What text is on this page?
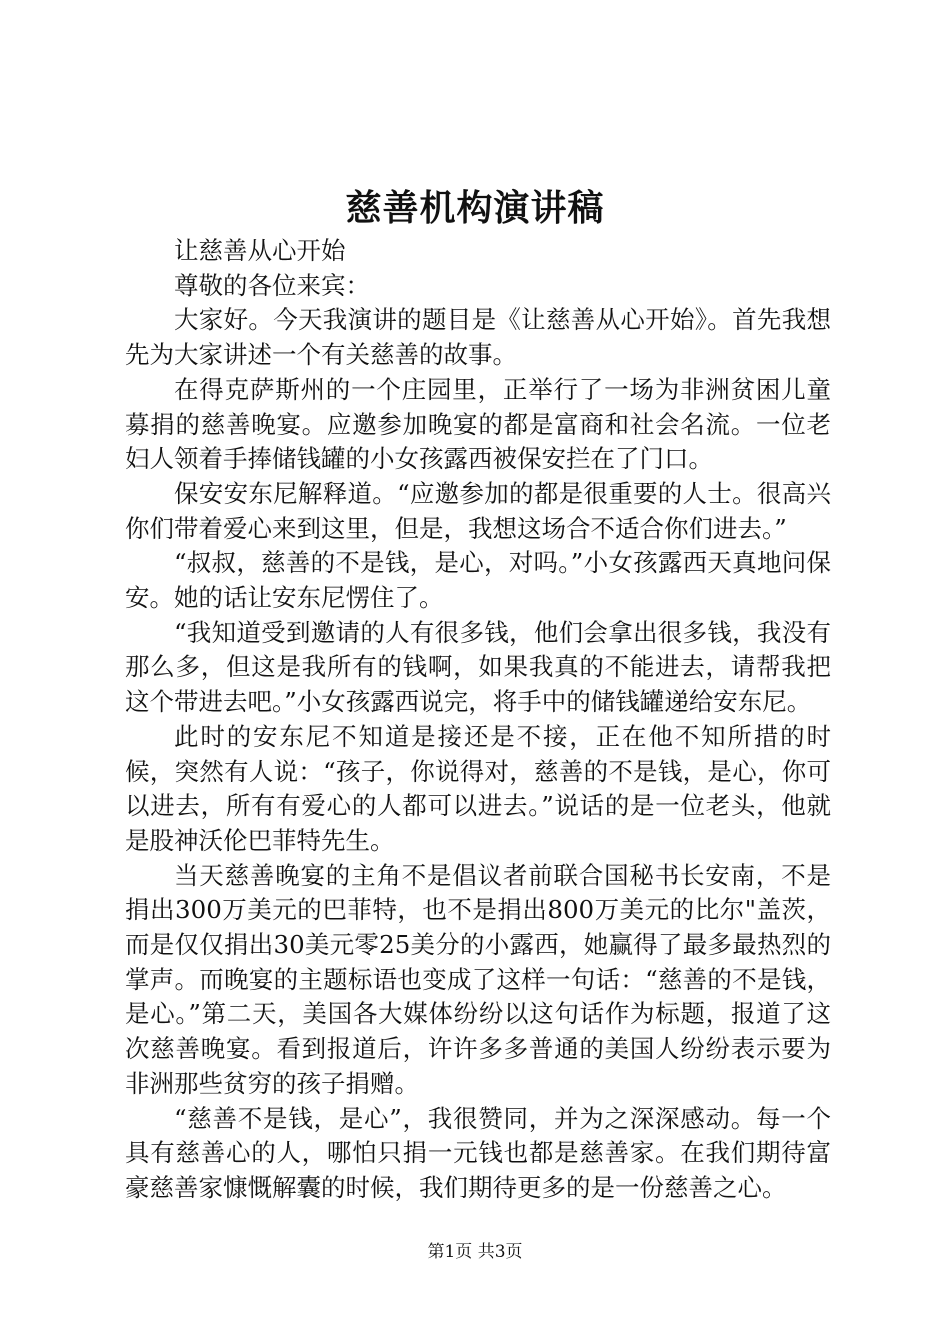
慈善机构演讲稿

让慈善从心开始

尊敬的各位来宾：

大家好。今天我演讲的题目是《让慈善从心开始》。首先我想先为大家讲述一个有关慈善的故事。

在得克萨斯州的一个庄园里，正举行了一场为非洲贫困儿童募捐的慈善晚宴。应邀参加晚宴的都是富商和社会名流。一位老妇人领着手捧储钱罐的小女孩露西被保安拦在了门口。

保安安东尼解释道。“应邀参加的都是很重要的人士。很高兴你们带着爱心来到这里，但是，我想这场合不适合你们进去。”

“叔叔，慈善的不是钱，是心，对吗。”小女孩露西天真地问保安。她的话让安东尼愣住了。

“我知道受到邀请的人有很多钱，他们会拿出很多钱，我没有那么多，但这是我所有的钱啊，如果我真的不能进去，请帮我把这个带进去吧。”小女孩露西说完，将手中的储钱罐递给安东尼。

此时的安东尼不知道是接还是不接，正在他不知所措的时候，突然有人说：“孩子，你说得对，慈善的不是钱，是心，你可以进去，所有有爱心的人都可以进去。”说话的是一位老头，他就是股神沃伦巴菲特先生。

当天慈善晚宴的主角不是倡议者前联合国秘书长安南，不是捐出300万美元的巴菲特，也不是捐出800万美元的比尔"盖茨，而是仅仅捐出30美元零25美分的小露西，她赢得了最多最热烈的掌声。而晚宴的主题标语也变成了这样一句话：“慈善的不是钱，是心。”第二天，美国各大媒体纷纷以这句话作为标题，报道了这次慈善晚宴。看到报道后，许许多多普通的美国人纷纷表示要为非洲那些贫穷的孩子捐赠。

“慈善不是钱，是心”，我很赞同，并为之深深感动。每一个具有慈善心的人，哪怕只捐一元钱也都是慈善家。在我们期待富豪慈善家慷慨解囊的时候，我们期待更多的是一份慈善之心。

第1页 共3页
